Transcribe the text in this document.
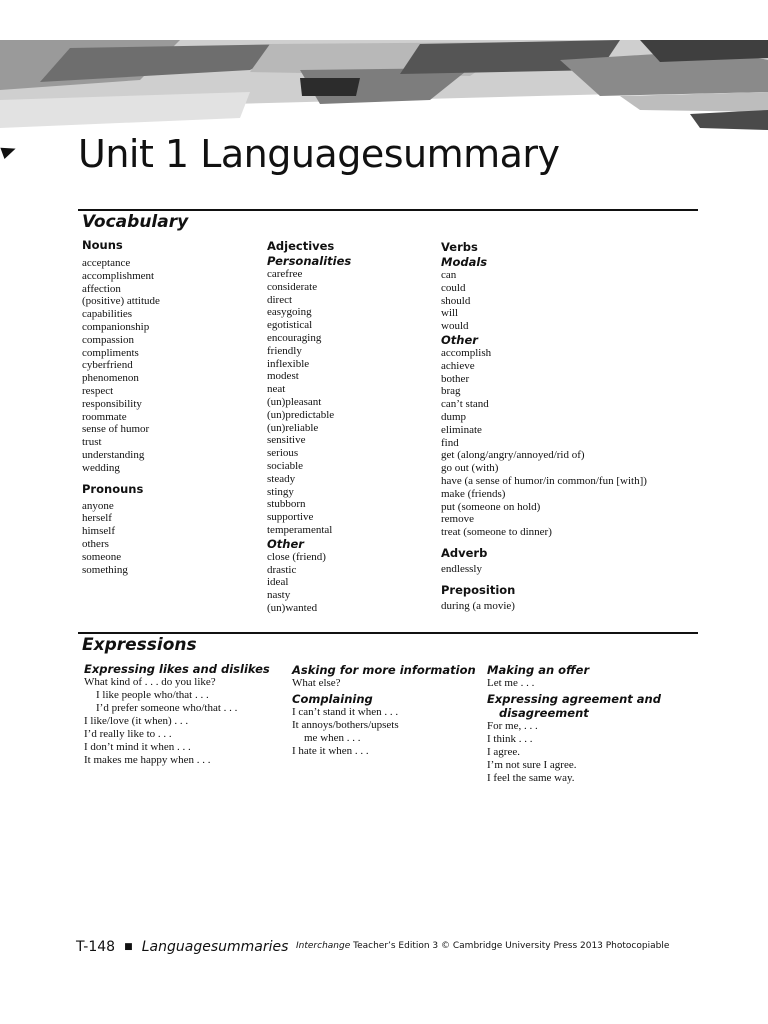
Unit 1 Languagesummary
Vocabulary
Nouns
acceptance
accomplishment
affection
(positive) attitude
capabilities
companionship
compassion
compliments
cyberfriend
phenomenon
respect
responsibility
roommate
sense of humor
trust
understanding
wedding
Pronouns
anyone
herself
himself
others
someone
something
Adjectives
Personalities
carefree
considerate
direct
easygoing
egotistical
encouraging
friendly
inflexible
modest
neat
(un)pleasant
(un)predictable
(un)reliable
sensitive
serious
sociable
steady
stingy
stubborn
supportive
temperamental
Other
close (friend)
drastic
ideal
nasty
(un)wanted
Verbs
Modals
can
could
should
will
would
Other
accomplish
achieve
bother
brag
can’t stand
dump
eliminate
find
get (along/angry/annoyed/rid of)
go out (with)
have (a sense of humor/in common/fun [with])
make (friends)
put (someone on hold)
remove
treat (someone to dinner)
Adverb
endlessly
Preposition
during (a movie)
Expressions
Expressing likes and dislikes
What kind of . . . do you like?
I like people who/that . . .
I’d prefer someone who/that . . .
I like/love (it when) . . .
I’d really like to . . .
I don’t mind it when . . .
It makes me happy when . . .
Asking for more information
What else?
Complaining
I can’t stand it when . . .
It annoys/bothers/upsets
me when . . .
I hate it when . . .
Making an offer
Let me . . .
Expressing agreement and
disagreement
For me, . . .
I think . . .
I agree.
I’m not sure I agree.
I feel the same way.
T-148 ■ Languagesummaries Interchange Teacher’s Edition 3 © Cambridge University Press 2013 Photocopiable
